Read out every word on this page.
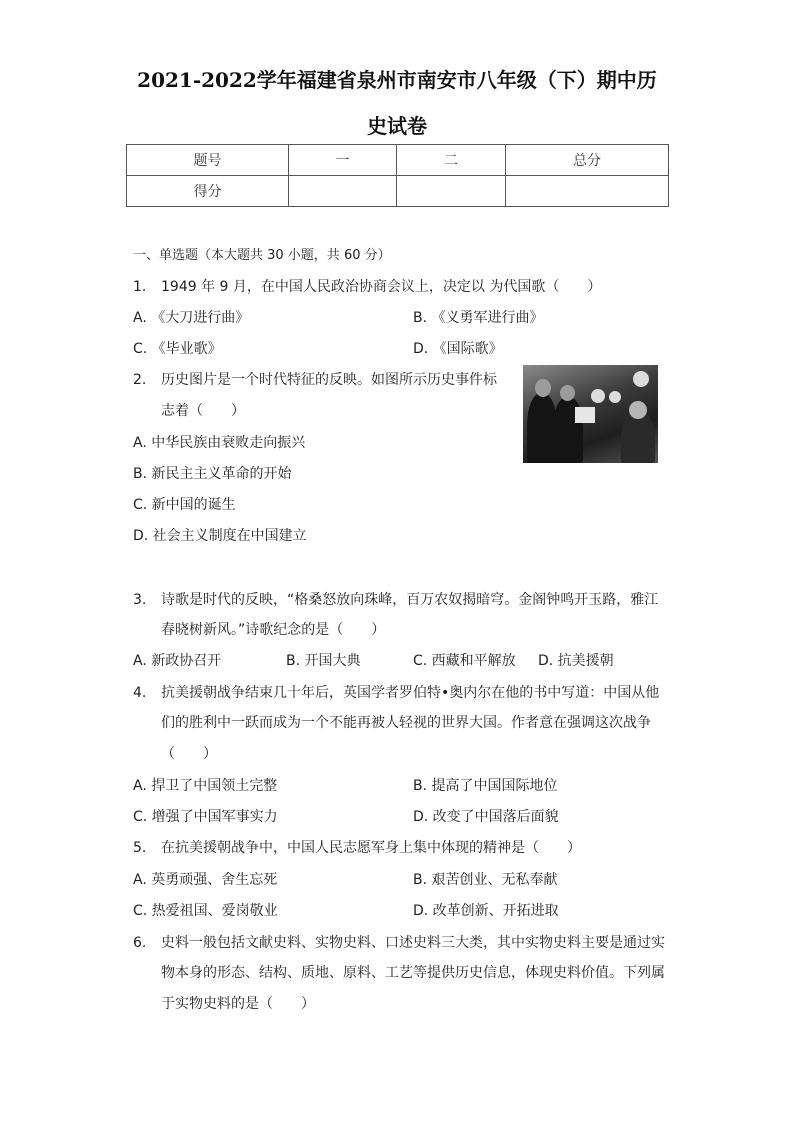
2021-2022学年福建省泉州市南安市八年级（下）期中历
史试卷
题号	一	二	总分
得分			
一、单选题（本大题共 30 小题，共 60 分）
1. 1949 年 9 月，在中国人民政治协商会议上，决定以 为代国歌（　　）
A. 《大刀进行曲》	B. 《义勇军进行曲》
C. 《毕业歌》	D. 《国际歌》
2. 历史图片是一个时代特征的反映。如图所示历史事件标
志着（　　）
A. 中华民族由衰败走向振兴
B. 新民主主义革命的开始
C. 新中国的诞生
D. 社会主义制度在中国建立
3. 诗歌是时代的反映，“格桑怒放向珠峰，百万农奴揭暗穹。金阁钟鸣开玉路，雅江
春晓树新风。”诗歌纪念的是（　　）
A. 新政协召开	B. 开国大典	C. 西藏和平解放 D. 抗美援朝
4. 抗美援朝战争结束几十年后，英国学者罗伯特•奥内尔在他的书中写道：中国从他
们的胜利中一跃而成为一个不能再被人轻视的世界大国。作者意在强调这次战争
（　　）
A. 捍卫了中国领土完整	B. 提高了中国国际地位
C. 增强了中国军事实力	D. 改变了中国落后面貌
5. 在抗美援朝战争中，中国人民志愿军身上集中体现的精神是（　　）
A. 英勇顽强、舍生忘死	B. 艰苦创业、无私奉献
C. 热爱祖国、爱岗敬业	D. 改革创新、开拓进取
6. 史料一般包括文献史料、实物史料、口述史料三大类，其中实物史料主要是通过实
物本身的形态、结构、质地、原料、工艺等提供历史信息，体现史料价值。下列属
于实物史料的是（　　）
